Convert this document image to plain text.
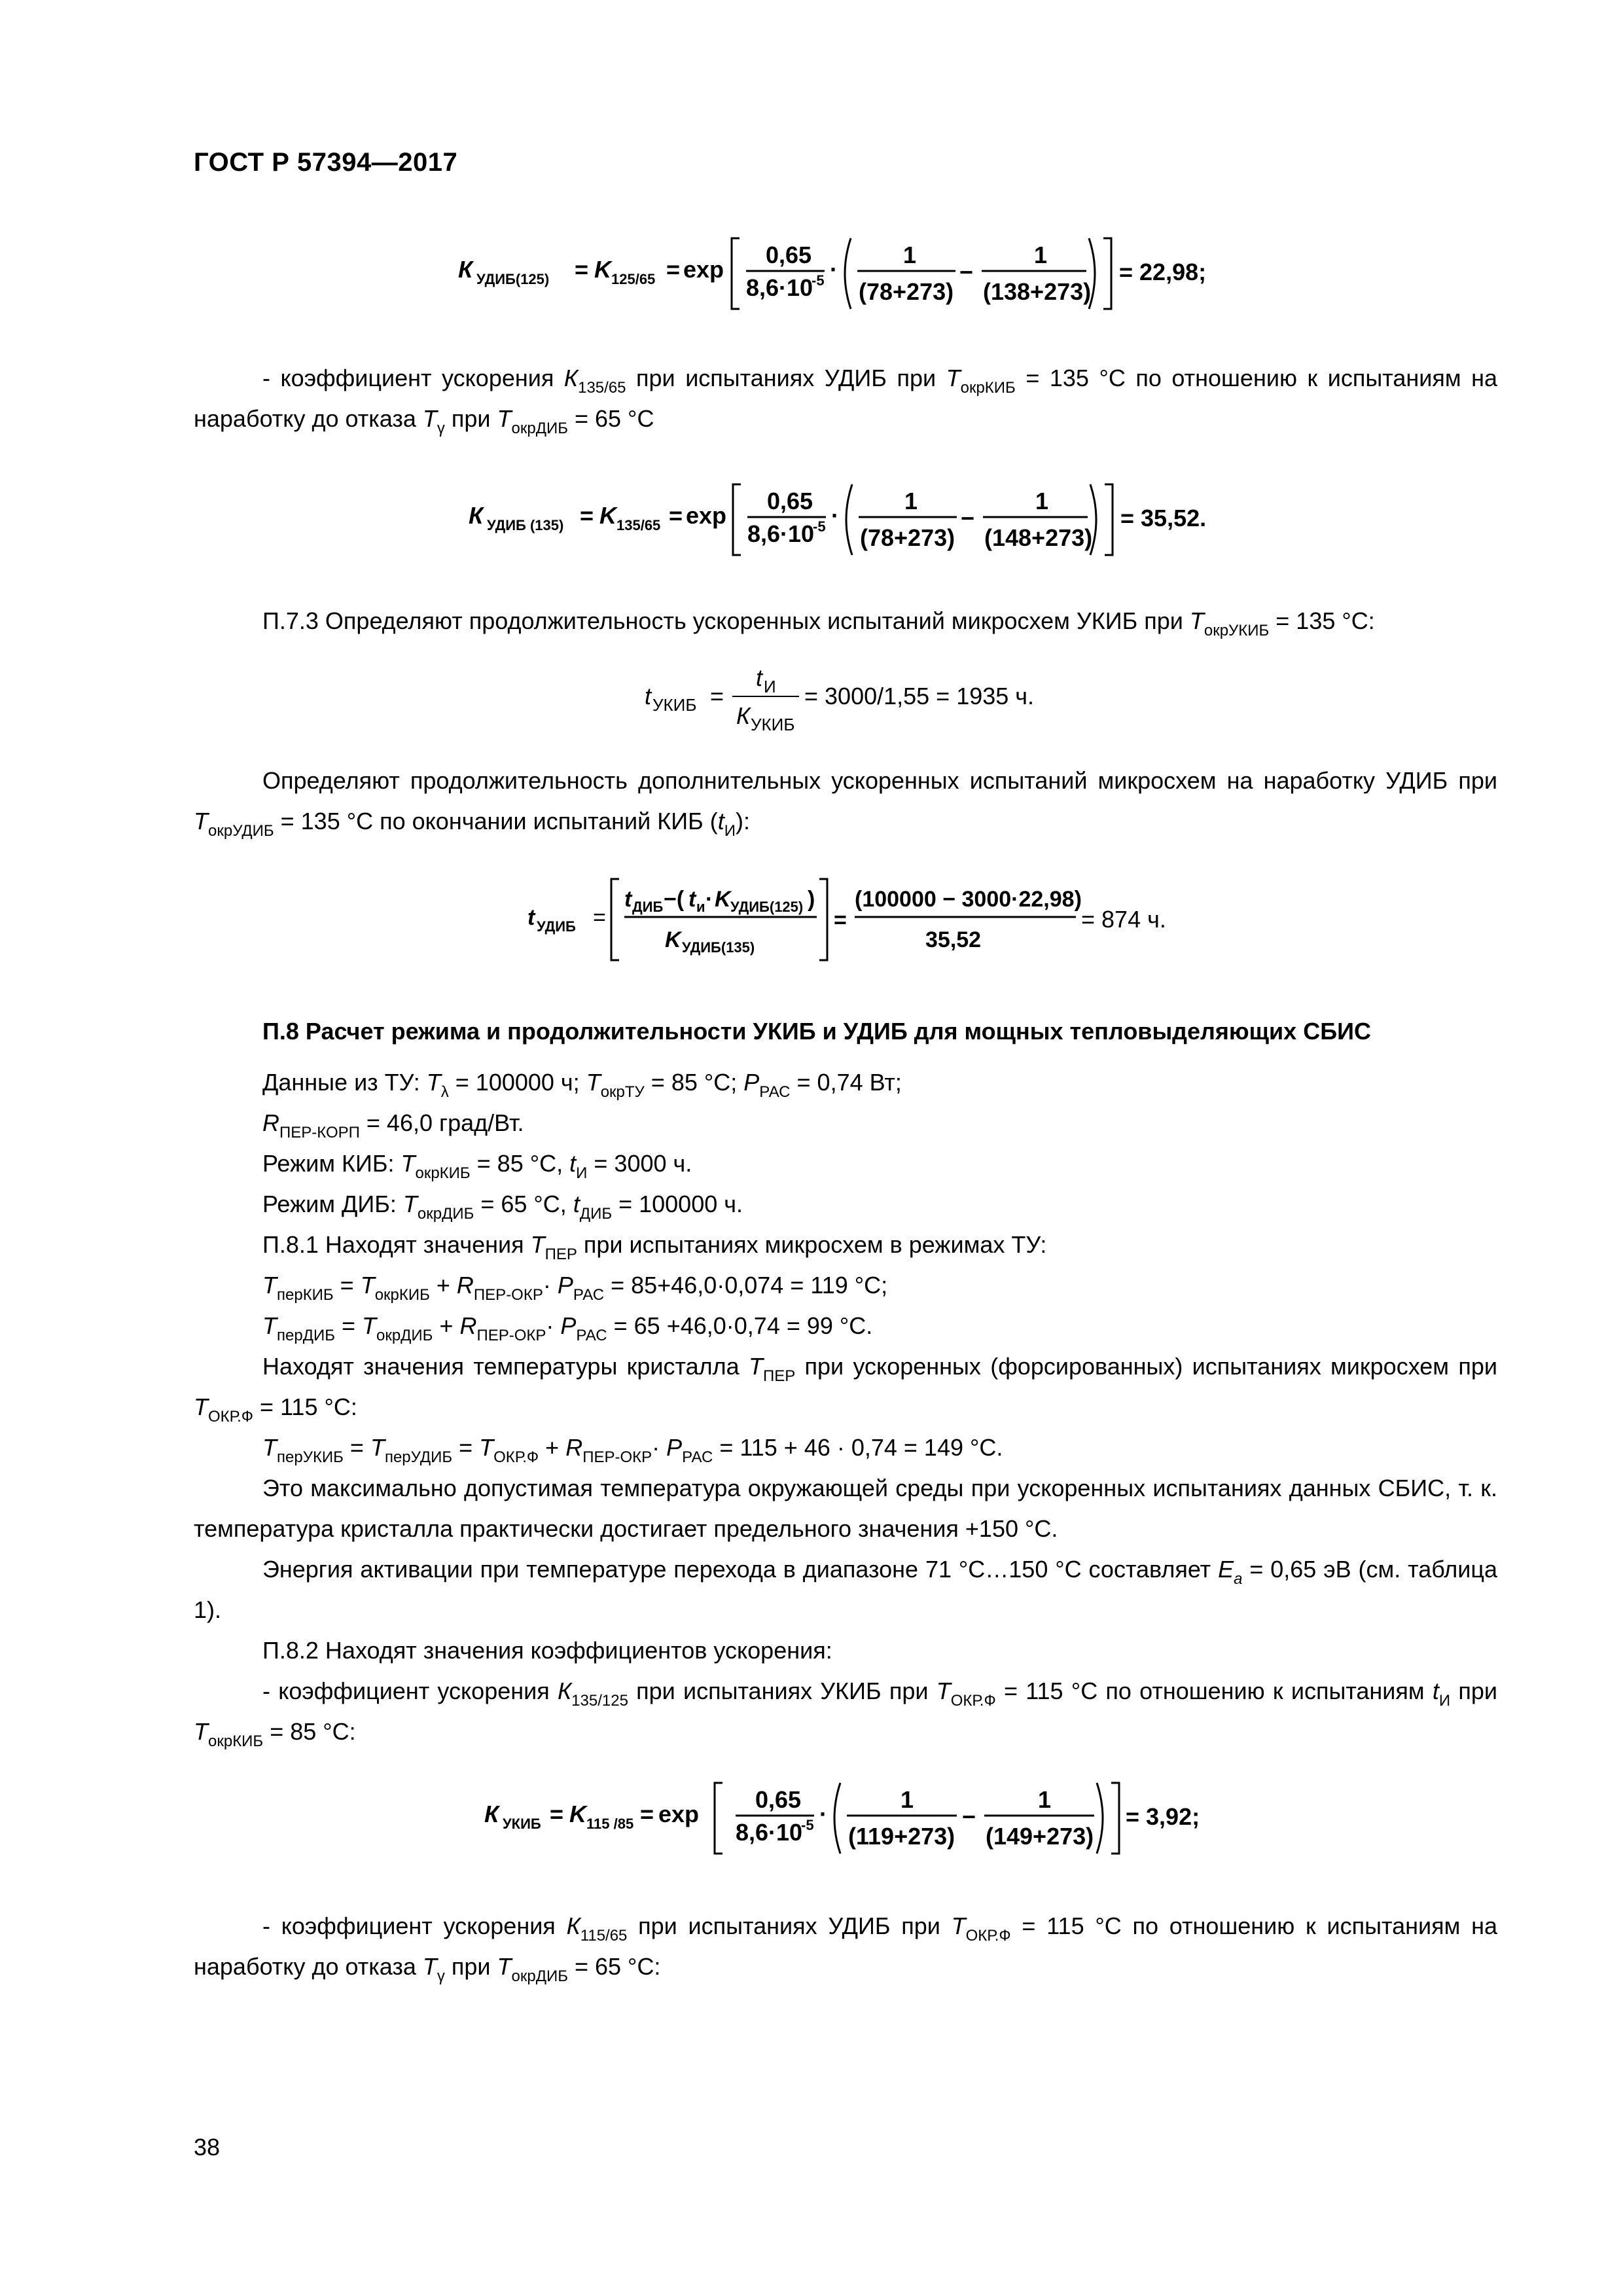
ГОСТ Р 57394—2017
К УДИБ(125) = K 125/65 = exp
0,65
8,6·10
-5 ·
1
(78+273)
−
1
(138+273)
= 22,98;
- коэффициент ускорения $К_{135/65}$ при испытаниях УДИБ при $Т_{окрКИБ} = 135$ °С по отношению к испытаниям на наработку до отказа $Т_\gamma$ при $Т_{окрДИБ} = 65$ °С
К УДИБ (135) = K 135/65 = exp
0,65
8,6·10
-5 ·
1
(78+273)
−
1
(148+273)
= 35,52.
П.7.3 Определяют продолжительность ускоренных испытаний микросхем УКИБ при $Т_{окрУКИБ} = 135$ °С:
t УКИБ =
t И
К УКИБ
= 3000/1,55 = 1935 ч.
Определяют продолжительность дополнительных ускоренных испытаний микросхем на наработку УДИБ при $Т_{окрУДИБ} = 135$ °С по окончании испытаний КИБ $(t_И)$:
t УДИБ =
t ДИБ −( t и · K УДИБ(125) )
K УДИБ(135)
=
(100000 − 3000·22,98)
35,52
= 874 ч.
П.8 Расчет режима и продолжительности УКИБ и УДИБ для мощных тепловыделяющих СБИС
Данные из ТУ: $Т_\lambda = 100000$ ч; $Т_{окрТУ} = 85$ °С; $Р_{РАС} = 0,74$ Вт;
$R_{ПЕР-КОРП} = 46,0$ град/Вт.
Режим КИБ: $Т_{окрКИБ} = 85$ °С, $t_И = 3000$ ч.
Режим ДИБ: $Т_{окрДИБ} = 65$ °С, $t_{ДИБ} = 100000$ ч.
П.8.1 Находят значения $Т_{ПЕР}$ при испытаниях микросхем в режимах ТУ:
$Т_{перКИБ} = Т_{окрКИБ} + R_{ПЕР-ОКР}\cdot Р_{РАС} = 85+46,0\cdot 0,074 = 119$ °С;
$Т_{перДИБ} = Т_{окрДИБ} + R_{ПЕР-ОКР}\cdot Р_{РАС} = 65 +46,0\cdot 0,74 = 99$ °С.
Находят значения температуры кристалла $Т_{ПЕР}$ при ускоренных (форсированных) испытаниях микросхем при $Т_{ОКР.Ф} = 115$ °С:
$Т_{перУКИБ} = Т_{перУДИБ} = Т_{ОКР.Ф} + R_{ПЕР-ОКР}\cdot Р_{РАС} = 115 + 46 \cdot 0,74 = 149$ °С.
Это максимально допустимая температура окружающей среды при ускоренных испытаниях данных СБИС, т. к. температура кристалла практически достигает предельного значения +150 °С.
Энергия активации при температуре перехода в диапазоне 71 °С…150 °С составляет $E_a = 0,65$ эВ (см. таблица 1).
П.8.2 Находят значения коэффициентов ускорения:
- коэффициент ускорения $К_{135/125}$ при испытаниях УКИБ при $Т_{ОКР.Ф} = 115$ °С по отношению к испытаниям $t_И$ при $Т_{окрКИБ} = 85$ °С:
К УКИБ = K 115 /85 = exp
0,65
8,6·10
-5 ·
1
(119+273)
−
1
(149+273)
= 3,92;
- коэффициент ускорения $К_{115/65}$ при испытаниях УДИБ при $Т_{ОКР.Ф} = 115$ °С по отношению к испытаниям на наработку до отказа $Т_\gamma$ при $Т_{окрДИБ} = 65$ °С:
38
